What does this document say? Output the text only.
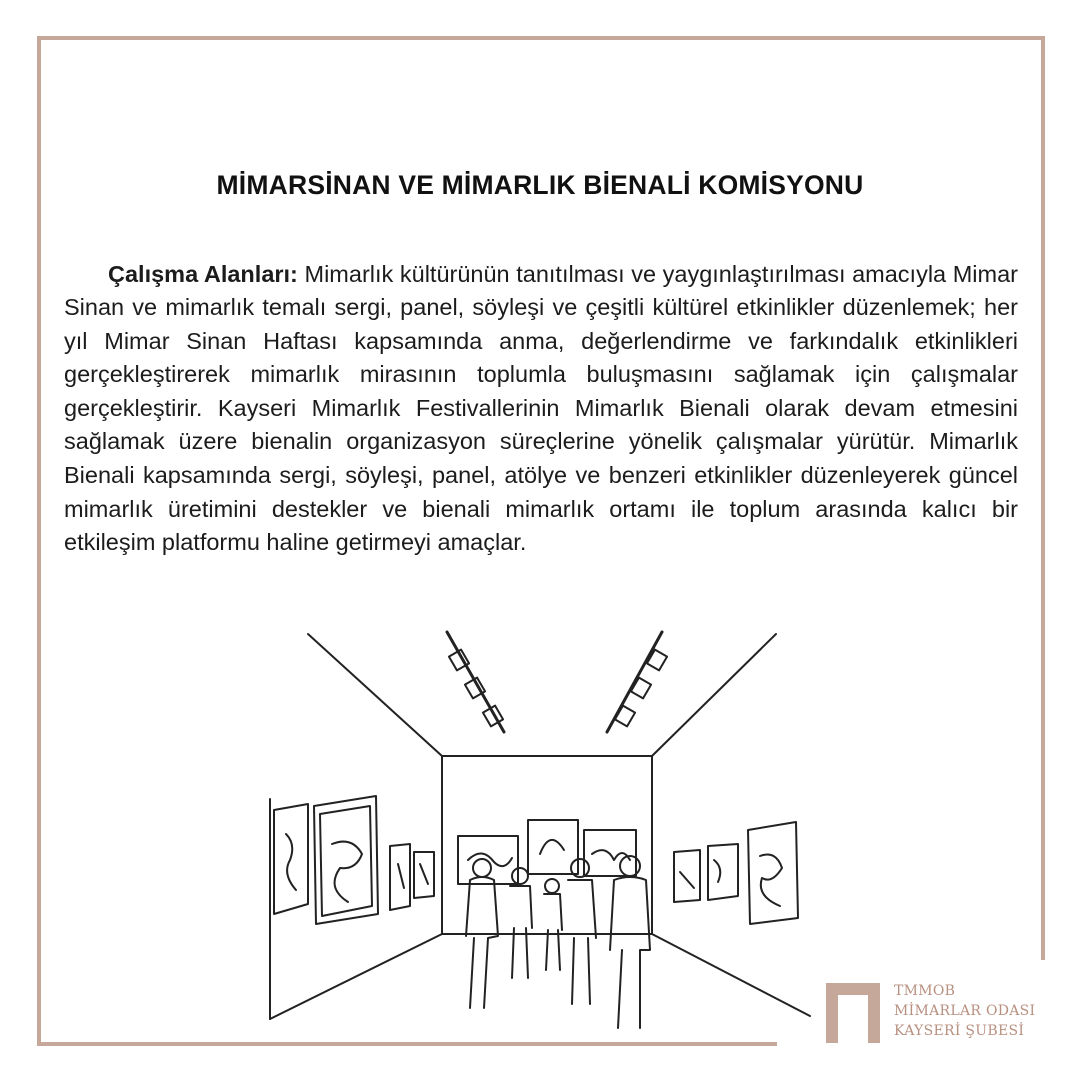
MİMARSİNAN VE MİMARLIK BİENALİ KOMİSYONU

Çalışma Alanları: Mimarlık kültürünün tanıtılması ve yaygınlaştırılması amacıyla Mimar Sinan ve mimarlık temalı sergi, panel, söyleşi ve çeşitli kültürel etkinlikler düzenlemek; her yıl Mimar Sinan Haftası kapsamında anma, değerlendirme ve farkındalık etkinlikleri gerçekleştirerek mimarlık mirasının toplumla buluşmasını sağlamak için çalışmalar gerçekleştirir. Kayseri Mimarlık Festivallerinin Mimarlık Bienali olarak devam etmesini sağlamak üzere bienalin organizasyon süreçlerine yönelik çalışmalar yürütür. Mimarlık Bienali kapsamında sergi, söyleşi, panel, atölye ve benzeri etkinlikler düzenleyerek güncel mimarlık üretimini destekler ve bienali mimarlık ortamı ile toplum arasında kalıcı bir etkileşim platformu haline getirmeyi amaçlar.

TMMOB
MİMARLAR ODASI
KAYSERİ ŞUBESİ
